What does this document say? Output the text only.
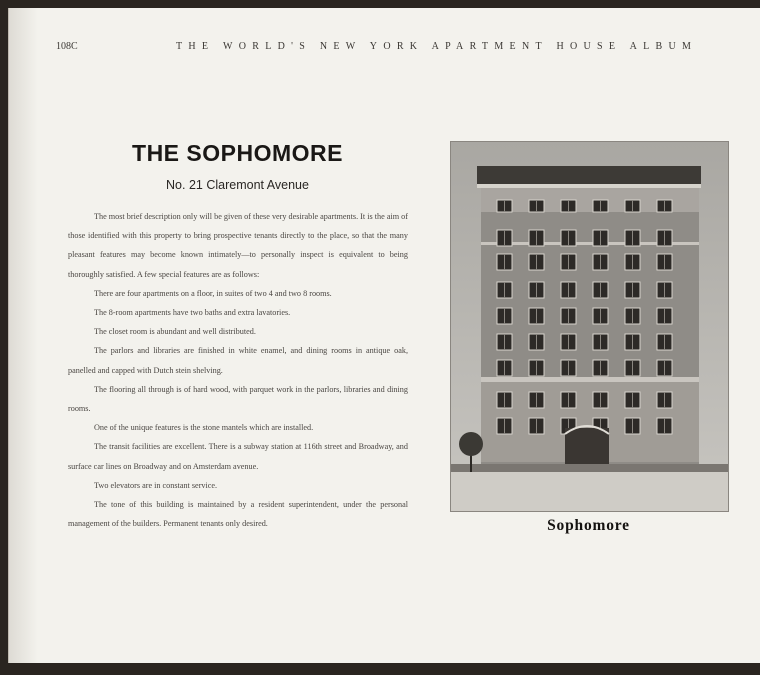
108C	THE WORLD'S NEW YORK APARTMENT HOUSE ALBUM
THE SOPHOMORE
No. 21 Claremont Avenue

The most brief description only will be given of these very desirable apartments. It is the aim of those identified with this property to bring prospective tenants directly to the place, so that the many pleasant features may become known intimately—to personally inspect is equivalent to being thoroughly satisfied. A few special features are as follows:

There are four apartments on a floor, in suites of two 4 and two 8 rooms.

The 8-room apartments have two baths and extra lavatories.

The closet room is abundant and well distributed.

The parlors and libraries are finished in white enamel, and dining rooms in antique oak, panelled and capped with Dutch stein shelving.

The flooring all through is of hard wood, with parquet work in the parlors, libraries and dining rooms.

One of the unique features is the stone mantels which are installed.

The transit facilities are excellent. There is a subway station at 116th street and Broadway, and surface car lines on Broadway and on Amsterdam avenue.

Two elevators are in constant service.

The tone of this building is maintained by a resident superintendent, under the personal management of the builders. Permanent tenants only desired.	Sophomore
